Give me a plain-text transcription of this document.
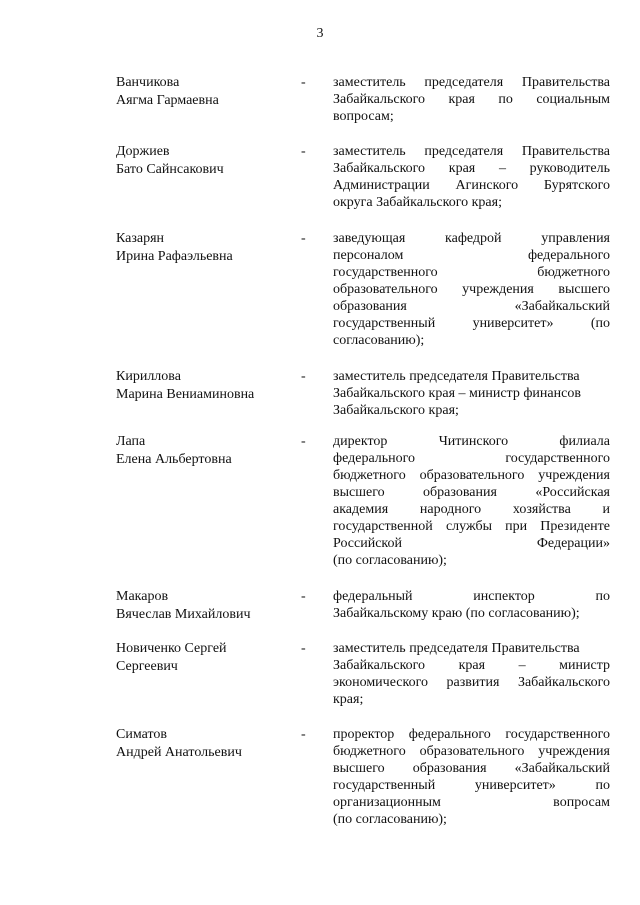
3
Ванчикова
Аягма Гармаевна
- заместитель председателя Правительства
Забайкальского края по социальным
вопросам;
Доржиев
Бато Сайнсакович
- заместитель председателя Правительства
Забайкальского края – руководитель
Администрации Агинского Бурятского
округа Забайкальского края;
Казарян
Ирина Рафаэльевна
- заведующая кафедрой управления
персоналом федерального
государственного бюджетного
образовательного учреждения высшего
образования «Забайкальский
государственный университет» (по
согласованию);
Кириллова
Марина Вениаминовна
- заместитель председателя Правительства
Забайкальского края – министр финансов
Забайкальского края;
Лапа
Елена Альбертовна
- директор Читинского филиала
федерального государственного
бюджетного образовательного учреждения
высшего образования «Российская
академия народного хозяйства и
государственной службы при Президенте
Российской Федерации»
(по согласованию);
Макаров
Вячеслав Михайлович
- федеральный инспектор по
Забайкальскому краю (по согласованию);
Новиченко Сергей
Сергеевич
- заместитель председателя Правительства
Забайкальского края – министр
экономического развития Забайкальского
края;
Симатов
Андрей Анатольевич
- проректор федерального государственного
бюджетного образовательного учреждения
высшего образования «Забайкальский
государственный университет» по
организационным вопросам
(по согласованию);
